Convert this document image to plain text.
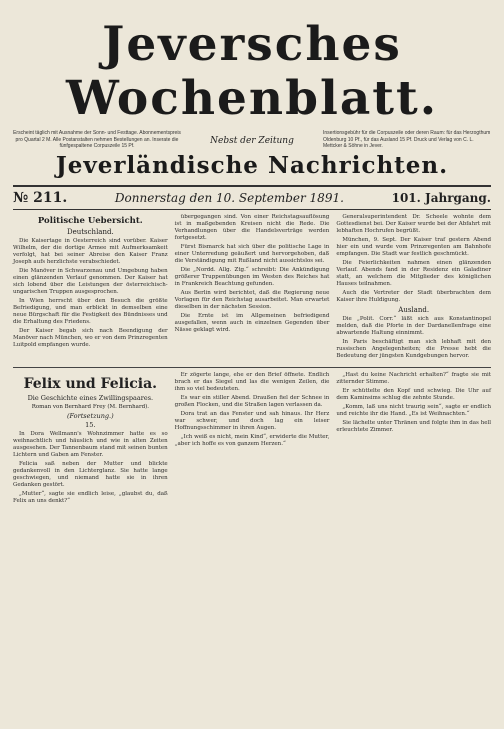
Jeversches Wochenblatt.
Erscheint täglich mit Ausnahme der Sonn- und Festtage. Abonnementspreis pro Quartal 2 M. Alle Postanstalten nehmen Bestellungen an. Inserate die fünfgespaltene Corpuszeile 15 Pf.	Nebst der Zeitung
Insertionsgebühr für die Corpuszeile oder deren Raum: für das Herzogthum Oldenburg 10 Pf., für das Ausland 15 Pf. Druck und Verlag von C. L. Mettcker & Söhne in Jever.
Jeverländische Nachrichten.
№ 211.	Donnerstag den 10. September 1891.	101. Jahrgang.
Politische Uebersicht.
Deutschland.

Die Kaisertage in Oesterreich sind vorüber. Kaiser Wilhelm, der die dortige Armee mit Aufmerksamkeit verfolgt, hat bei seiner Abreise den Kaiser Franz Joseph aufs herzlichste verabschiedet.

Die Manöver in Schwarzenau und Umgebung haben einen glänzenden Verlauf genommen. Der Kaiser hat sich lobend über die Leistungen der österreichisch-ungarischen Truppen ausgesprochen.

In Wien herrscht über den Besuch die größte Befriedigung, und man erblickt in demselben eine neue Bürgschaft für die Festigkeit des Bündnisses und die Erhaltung des Friedens.

Der Kaiser begab sich nach Beendigung der Manöver nach München, wo er von dem Prinzregenten Luitpold empfangen wurde.

übergegangen sind. Von einer Reichstagsauflösung ist in maßgebenden Kreisen nicht die Rede. Die Verhandlungen über die Handelsverträge werden fortgesetzt.

Fürst Bismarck hat sich über die politische Lage in einer Unterredung geäußert und hervorgehoben, daß die Verständigung mit Rußland nicht aussichtslos sei.

Die „Nordd. Allg. Ztg.“ schreibt: Die Ankündigung größerer Truppenübungen im Westen des Reiches hat in Frankreich Beachtung gefunden.

Aus Berlin wird berichtet, daß die Regierung neue Vorlagen für den Reichstag ausarbeitet. Man erwartet dieselben in der nächsten Session.

Die Ernte ist im Allgemeinen befriedigend ausgefallen, wenn auch in einzelnen Gegenden über Nässe geklagt wird.

Generalsuperintendent Dr. Scheele wohnte dem Gottesdienst bei. Der Kaiser wurde bei der Abfahrt mit lebhaften Hochrufen begrüßt.

München, 9. Sept. Der Kaiser traf gestern Abend hier ein und wurde vom Prinzregenten am Bahnhofe empfangen. Die Stadt war festlich geschmückt.

Die Feierlichkeiten nahmen einen glänzenden Verlauf. Abends fand in der Residenz ein Galadiner statt, an welchem die Mitglieder des königlichen Hauses teilnahmen.

Auch die Vertreter der Stadt überbrachten dem Kaiser ihre Huldigung.

Ausland.

Die „Polit. Corr.“ läßt sich aus Konstantinopel melden, daß die Pforte in der Dardanellenfrage eine abwartende Haltung einnimmt.

In Paris beschäftigt man sich lebhaft mit den russischen Angelegenheiten; die Presse hebt die Bedeutung der jüngsten Kundgebungen hervor.

Felix und Felicia.
Die Geschichte eines Zwillingspaares.
Roman von Bernhard Frey (M. Bernhard).
(Fortsetzung.)
15.

In Dora Wellmann's Wohnzimmer hatte es so weihnachtlich und häuslich und wie in alten Zeiten ausgesehen. Der Tannenbaum stand mit seinen bunten Lichtern und Gaben am Fenster.

Felicia saß neben der Mutter und blickte gedankenvoll in den Lichterglanz. Sie hatte lange geschwiegen, und niemand hatte sie in ihren Gedanken gestört.

„Mutter“, sagte sie endlich leise, „glaubst du, daß Felix an uns denkt?“

Er zögerte lange, ehe er den Brief öffnete. Endlich brach er das Siegel und las die wenigen Zeilen, die ihm so viel bedeuteten.

Es war ein stiller Abend. Draußen fiel der Schnee in großen Flocken, und die Straßen lagen verlassen da.

Dora trat an das Fenster und sah hinaus. Ihr Herz war schwer, und doch lag ein leiser Hoffnungsschimmer in ihren Augen.

„Ich weiß es nicht, mein Kind“, erwiderte die Mutter, „aber ich hoffe es von ganzem Herzen.“

„Hast du keine Nachricht erhalten?“ fragte sie mit zitternder Stimme.

Er schüttelte den Kopf und schwieg. Die Uhr auf dem Kaminsims schlug die zehnte Stunde.

„Komm, laß uns nicht traurig sein“, sagte er endlich und reichte ihr die Hand. „Es ist Weihnachten.“

Sie lächelte unter Thränen und folgte ihm in das hell erleuchtete Zimmer.
